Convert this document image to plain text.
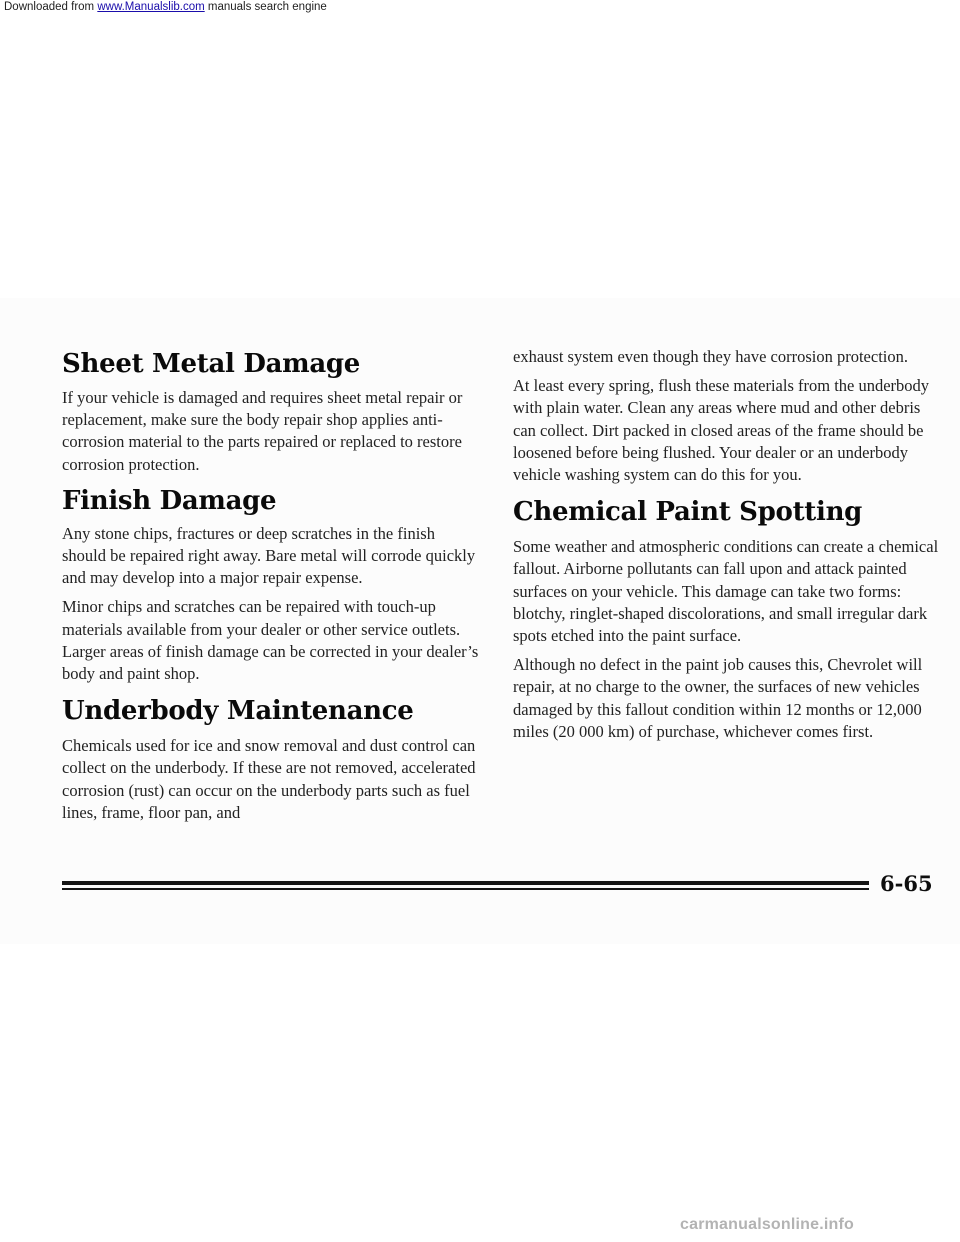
Downloaded from www.Manualslib.com manuals search engine
Sheet Metal Damage

If your vehicle is damaged and requires sheet metal repair or replacement, make sure the body repair shop applies anti-corrosion material to the parts repaired or replaced to restore corrosion protection.

Finish Damage

Any stone chips, fractures or deep scratches in the finish should be repaired right away. Bare metal will corrode quickly and may develop into a major repair expense.

Minor chips and scratches can be repaired with touch-up materials available from your dealer or other service outlets. Larger areas of finish damage can be corrected in your dealer’s body and paint shop.

Underbody Maintenance

Chemicals used for ice and snow removal and dust control can collect on the underbody. If these are not removed, accelerated corrosion (rust) can occur on the underbody parts such as fuel lines, frame, floor pan, and

exhaust system even though they have corrosion protection.

At least every spring, flush these materials from the underbody with plain water. Clean any areas where mud and other debris can collect. Dirt packed in closed areas of the frame should be loosened before being flushed. Your dealer or an underbody vehicle washing system can do this for you.

Chemical Paint Spotting

Some weather and atmospheric conditions can create a chemical fallout. Airborne pollutants can fall upon and attack painted surfaces on your vehicle. This damage can take two forms: blotchy, ringlet-shaped discolorations, and small irregular dark spots etched into the paint surface.

Although no defect in the paint job causes this, Chevrolet will repair, at no charge to the owner, the surfaces of new vehicles damaged by this fallout condition within 12 months or 12,000 miles (20 000 km) of purchase, whichever comes first.

6-65
carmanualsonline.info
